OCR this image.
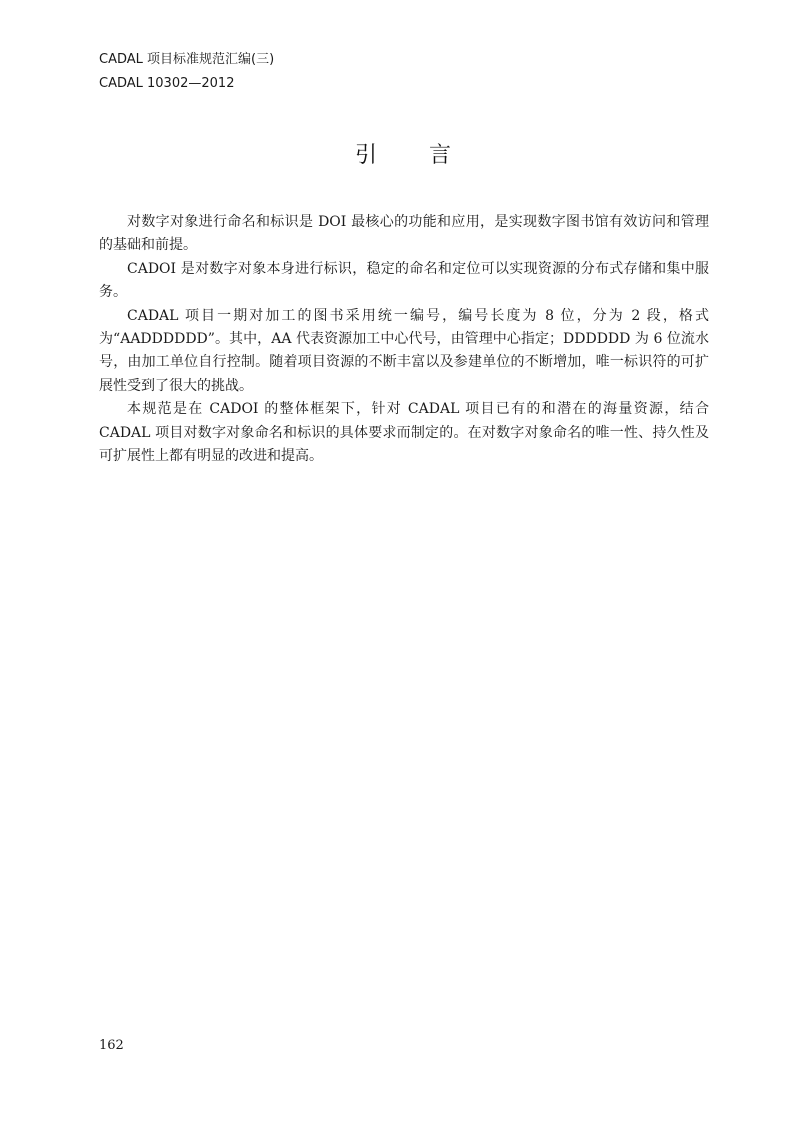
CADAL 项目标准规范汇编(三)
CADAL 10302—2012
引言

对数字对象进行命名和标识是 DOI 最核心的功能和应用，是实现数字图书馆有效访问和管理的基础和前提。

CADOI 是对数字对象本身进行标识，稳定的命名和定位可以实现资源的分布式存储和集中服务。

CADAL 项目一期对加工的图书采用统一编号，编号长度为 8 位，分为 2 段，格式为“AADDDDDD”。其中，AA 代表资源加工中心代号，由管理中心指定；DDDDDD 为 6 位流水号，由加工单位自行控制。随着项目资源的不断丰富以及参建单位的不断增加，唯一标识符的可扩展性受到了很大的挑战。

本规范是在 CADOI 的整体框架下，针对 CADAL 项目已有的和潜在的海量资源，结合 CADAL 项目对数字对象命名和标识的具体要求而制定的。在对数字对象命名的唯一性、持久性及可扩展性上都有明显的改进和提高。

162
